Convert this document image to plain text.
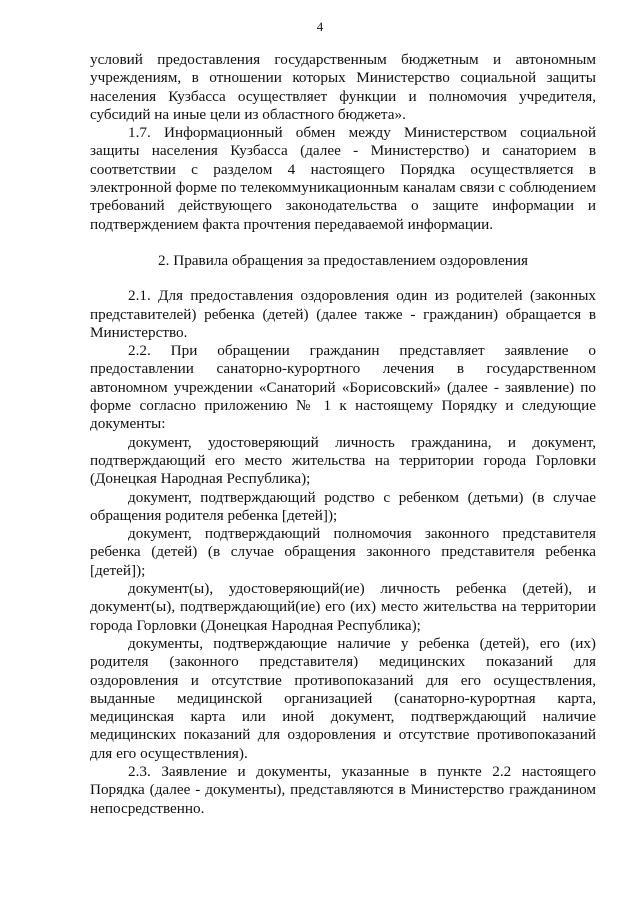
4

условий предоставления государственным бюджетным и автономным учреждениям, в отношении которых Министерство социальной защиты населения Кузбасса осуществляет функции и полномочия учредителя, субсидий на иные цели из областного бюджета».

1.7. Информационный обмен между Министерством социальной защиты населения Кузбасса (далее - Министерство) и санаторием в соответствии с разделом 4 настоящего Порядка осуществляется в электронной форме по телекоммуникационным каналам связи с соблюдением требований действующего законодательства о защите информации и подтверждением факта прочтения передаваемой информации.

2. Правила обращения за предоставлением оздоровления

2.1. Для предоставления оздоровления один из родителей (законных представителей) ребенка (детей) (далее также - гражданин) обращается в Министерство.

2.2. При обращении гражданин представляет заявление о предоставлении санаторно-курортного лечения в государственном автономном учреждении «Санаторий «Борисовский» (далее - заявление) по форме согласно приложению № 1 к настоящему Порядку и следующие документы:

документ, удостоверяющий личность гражданина, и документ, подтверждающий его место жительства на территории города Горловки (Донецкая Народная Республика);

документ, подтверждающий родство с ребенком (детьми) (в случае обращения родителя ребенка [детей]);

документ, подтверждающий полномочия законного представителя ребенка (детей) (в случае обращения законного представителя ребенка [детей]);

документ(ы), удостоверяющий(ие) личность ребенка (детей), и документ(ы), подтверждающий(ие) его (их) место жительства на территории города Горловки (Донецкая Народная Республика);

документы, подтверждающие наличие у ребенка (детей), его (их) родителя (законного представителя) медицинских показаний для оздоровления и отсутствие противопоказаний для его осуществления, выданные медицинской организацией (санаторно-курортная карта, медицинская карта или иной документ, подтверждающий наличие медицинских показаний для оздоровления и отсутствие противопоказаний для его осуществления).

2.3. Заявление и документы, указанные в пункте 2.2 настоящего Порядка (далее - документы), представляются в Министерство гражданином непосредственно.
